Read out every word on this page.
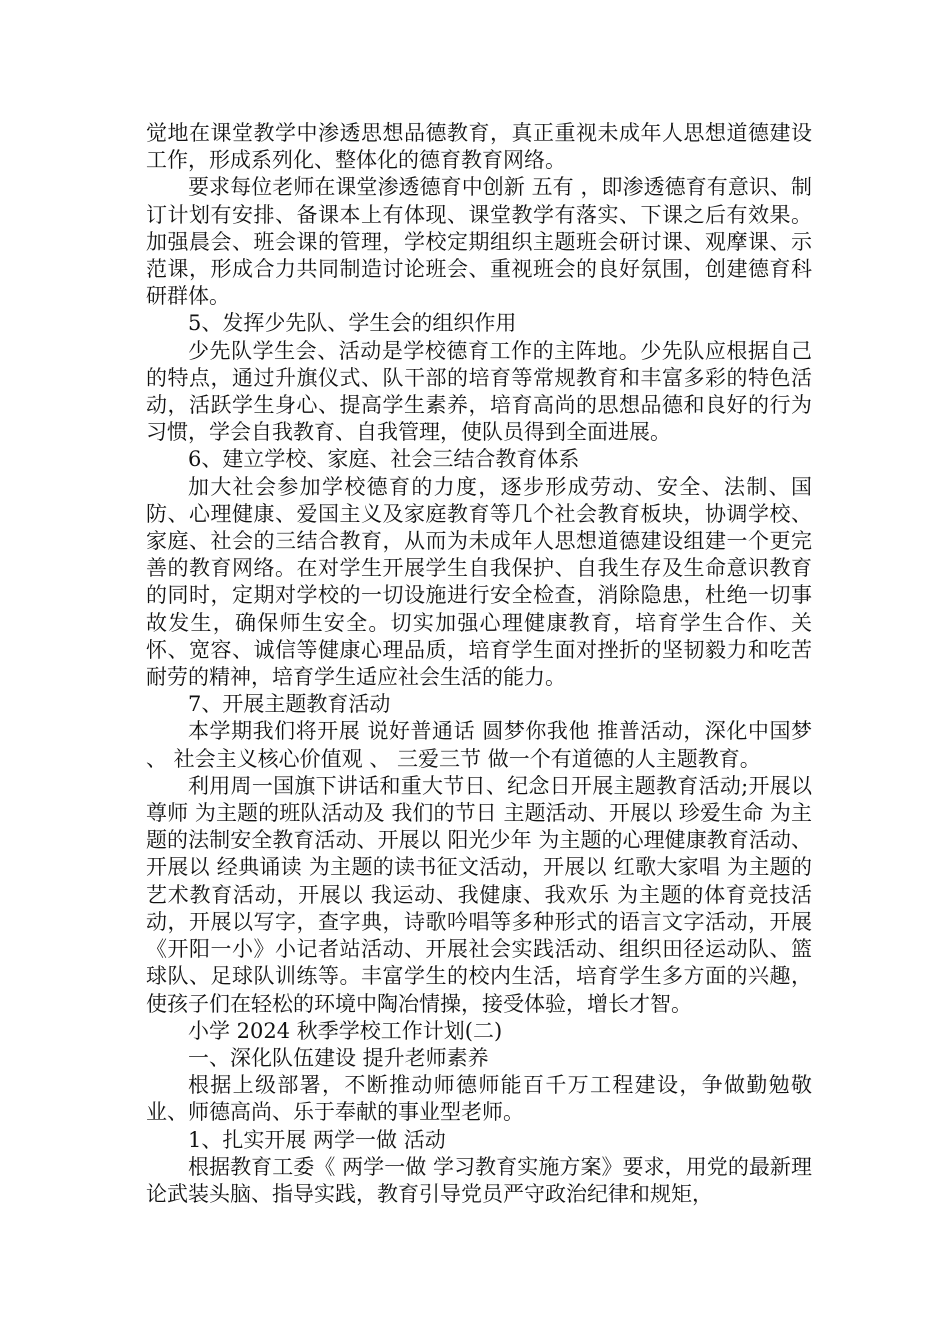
觉地在课堂教学中渗透思想品德教育，真正重视未成年人思想道德建设工作，形成系列化、整体化的德育教育网络。

要求每位老师在课堂渗透德育中创新 五有 ，即渗透德育有意识、制订计划有安排、备课本上有体现、课堂教学有落实、下课之后有效果。加强晨会、班会课的管理，学校定期组织主题班会研讨课、观摩课、示范课，形成合力共同制造讨论班会、重视班会的良好氛围，创建德育科研群体。

5、发挥少先队、学生会的组织作用

少先队学生会、活动是学校德育工作的主阵地。少先队应根据自己的特点，通过升旗仪式、队干部的培育等常规教育和丰富多彩的特色活动，活跃学生身心、提高学生素养，培育高尚的思想品德和良好的行为习惯，学会自我教育、自我管理，使队员得到全面进展。

6、建立学校、家庭、社会三结合教育体系

加大社会参加学校德育的力度，逐步形成劳动、安全、法制、国防、心理健康、爱国主义及家庭教育等几个社会教育板块，协调学校、家庭、社会的三结合教育，从而为未成年人思想道德建设组建一个更完善的教育网络。在对学生开展学生自我保护、自我生存及生命意识教育的同时，定期对学校的一切设施进行安全检查，消除隐患，杜绝一切事故发生，确保师生安全。切实加强心理健康教育，培育学生合作、关怀、宽容、诚信等健康心理品质，培育学生面对挫折的坚韧毅力和吃苦耐劳的精神，培育学生适应社会生活的能力。

7、开展主题教育活动

本学期我们将开展 说好普通话 圆梦你我他 推普活动，深化中国梦 、 社会主义核心价值观 、 三爱三节 做一个有道德的人主题教育。

利用周一国旗下讲话和重大节日、纪念日开展主题教育活动;开展以 尊师 为主题的班队活动及 我们的节日 主题活动、开展以 珍爱生命 为主题的法制安全教育活动、开展以 阳光少年 为主题的心理健康教育活动、开展以 经典诵读 为主题的读书征文活动，开展以 红歌大家唱 为主题的艺术教育活动，开展以 我运动、我健康、我欢乐 为主题的体育竞技活动，开展以写字，查字典，诗歌吟唱等多种形式的语言文字活动，开展《开阳一小》小记者站活动、开展社会实践活动、组织田径运动队、篮球队、足球队训练等。丰富学生的校内生活，培育学生多方面的兴趣，使孩子们在轻松的环境中陶冶情操，接受体验，增长才智。

小学 2024 秋季学校工作计划(二)

一、深化队伍建设 提升老师素养

根据上级部署，不断推动师德师能百千万工程建设，争做勤勉敬业、师德高尚、乐于奉献的事业型老师。

1、扎实开展 两学一做 活动

根据教育工委《 两学一做 学习教育实施方案》要求，用党的最新理论武装头脑、指导实践，教育引导党员严守政治纪律和规矩，
